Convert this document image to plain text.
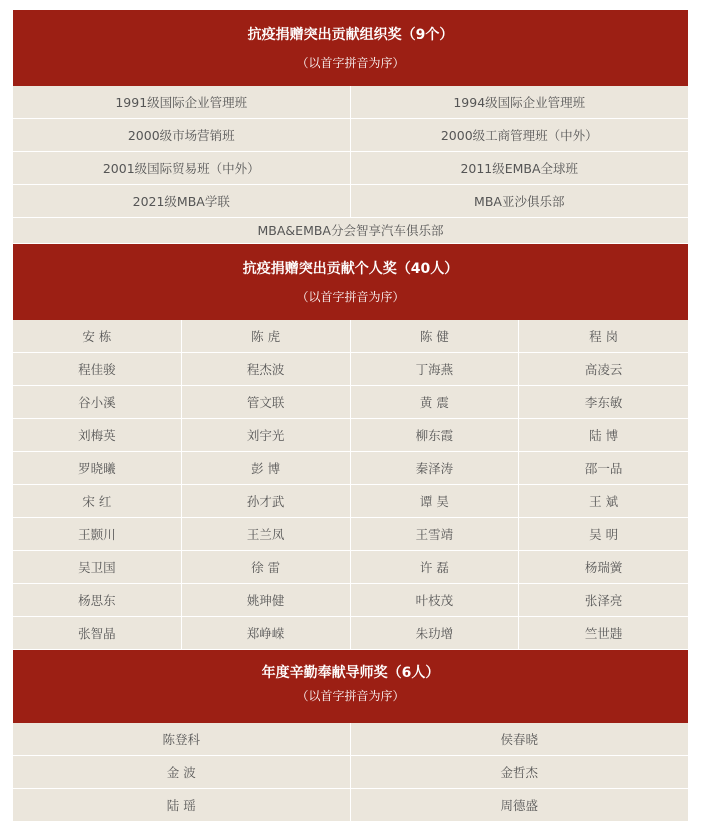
抗疫捐赠突出贡献组织奖（9个）
（以首字拼音为序）
1991级国际企业管理班	1994级国际企业管理班
2000级市场营销班	2000级工商管理班（中外）
2001级国际贸易班（中外）	2011级EMBA全球班
2021级MBA学联	MBA亚沙俱乐部
MBA&EMBA分会智享汽车俱乐部
抗疫捐赠突出贡献个人奖（40人）
（以首字拼音为序）
安 栋	陈 虎	陈 健	程 岗
程佳骏	程杰波	丁海燕	高凌云
谷小溪	管文联	黄 震	李东敏
刘梅英	刘宇光	柳东霞	陆 博
罗晓曦	彭 博	秦泽涛	邵一品
宋 红	孙才武	谭 昊	王 斌
王颢川	王兰凤	王雪靖	吴 明
吴卫国	徐 雷	许 磊	杨瑞黉
杨思东	姚珅健	叶枝茂	张泽亮
张智晶	郑峥嵘	朱玏增	竺世韪
年度辛勤奉献导师奖（6人）
（以首字拼音为序）
陈登科	侯春晓
金 波	金哲杰
陆 瑶	周德盛
